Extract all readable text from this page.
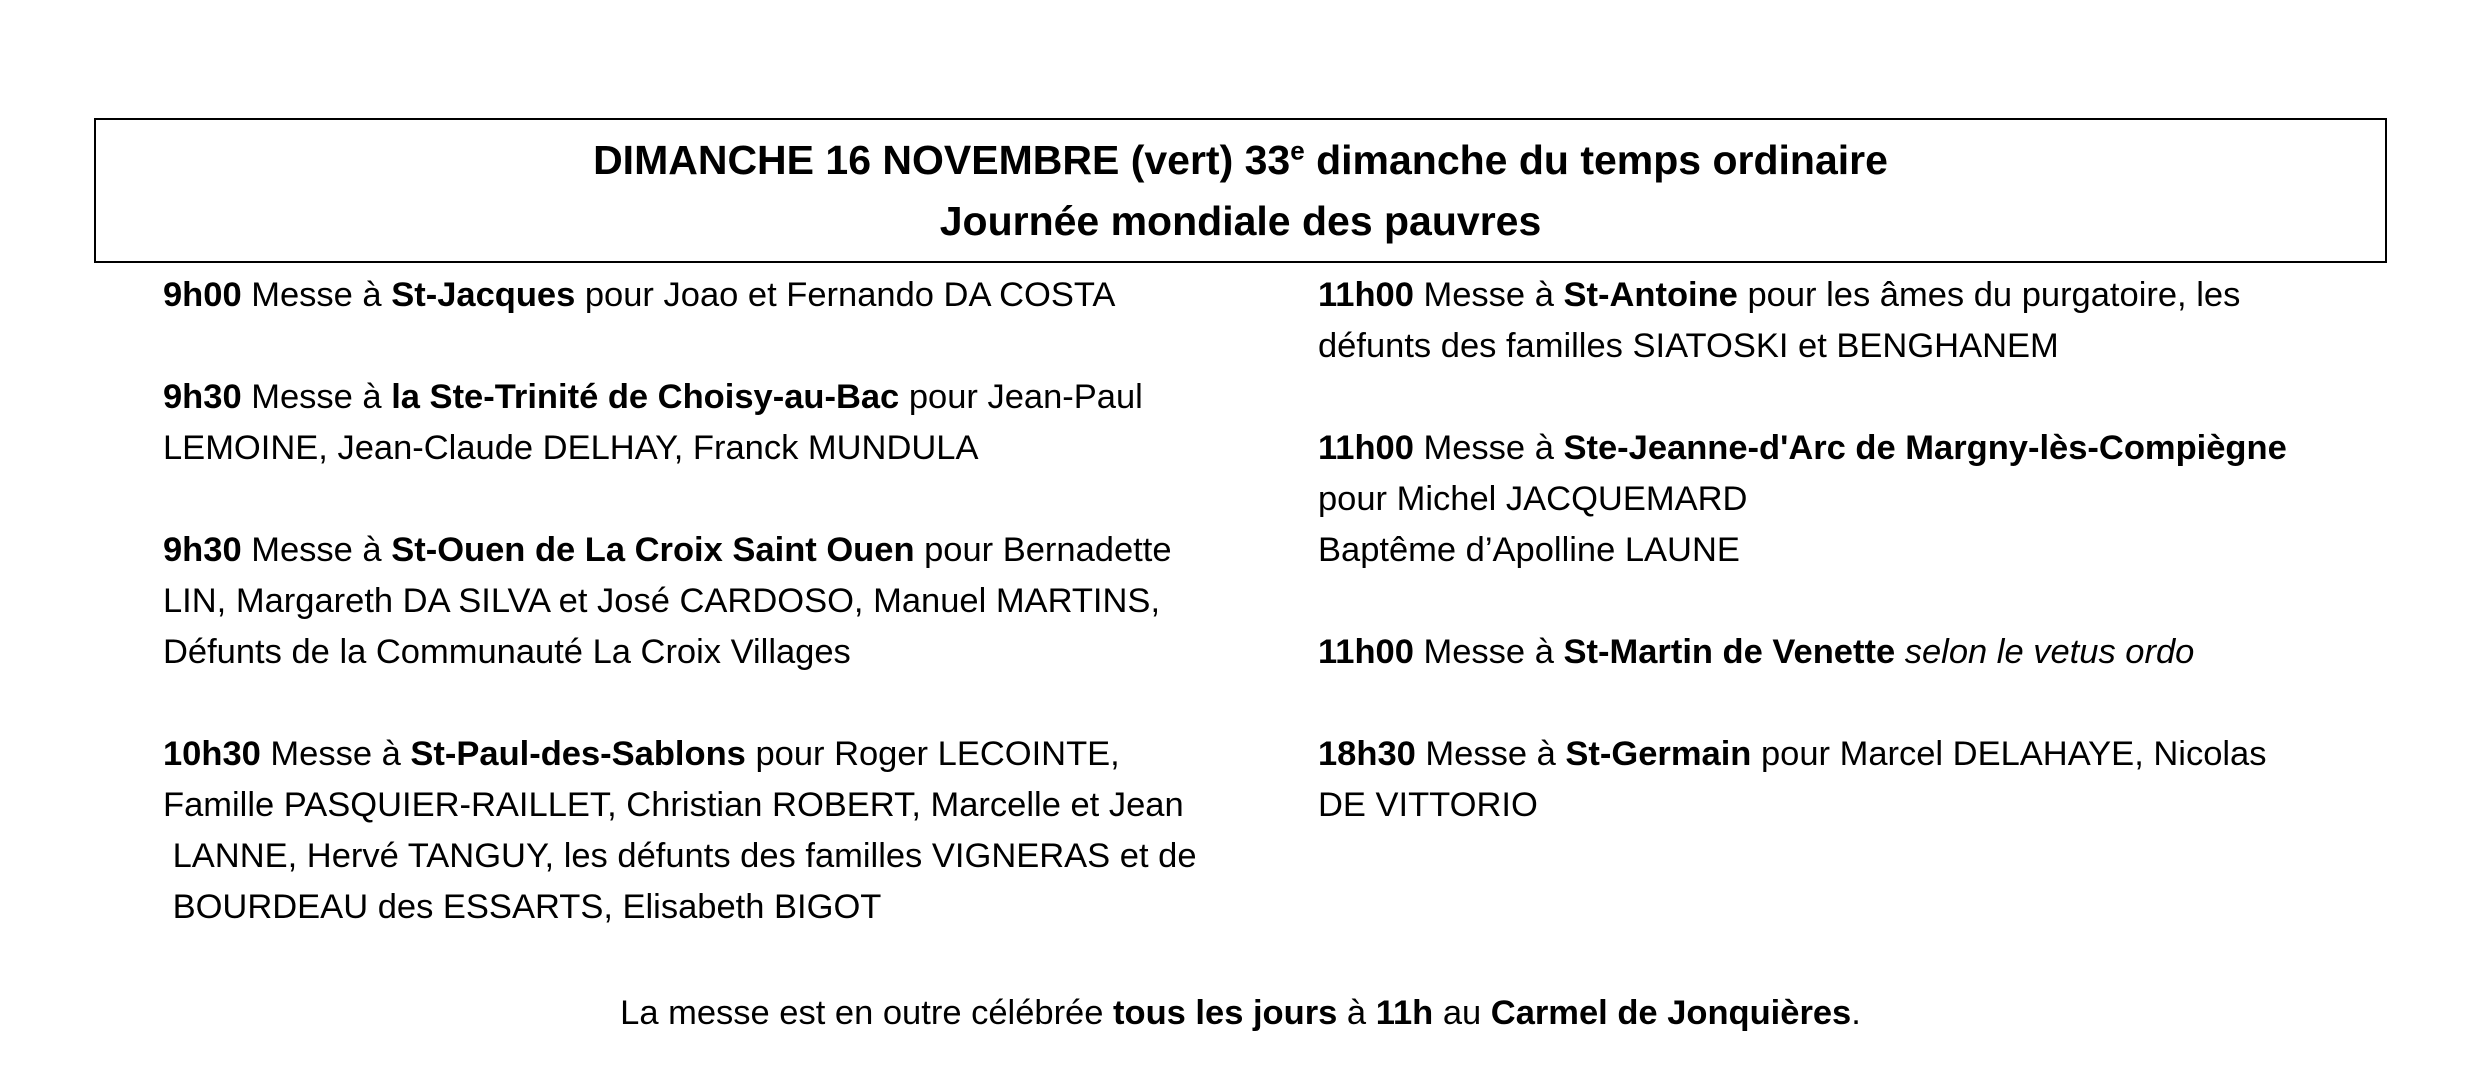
DIMANCHE 16 NOVEMBRE (vert) 33e dimanche du temps ordinaire
Journée mondiale des pauvres
9h00 Messe à St-Jacques pour Joao et Fernando DA COSTA
9h30 Messe à la Ste-Trinité de Choisy-au-Bac pour Jean-Paul
LEMOINE, Jean-Claude DELHAY, Franck MUNDULA
9h30 Messe à St-Ouen de La Croix Saint Ouen pour Bernadette
LIN, Margareth DA SILVA et José CARDOSO, Manuel MARTINS,
Défunts de la Communauté La Croix Villages
10h30 Messe à St-Paul-des-Sablons pour Roger LECOINTE,
Famille PASQUIER-RAILLET, Christian ROBERT, Marcelle et Jean
LANNE, Hervé TANGUY, les défunts des familles VIGNERAS et de
BOURDEAU des ESSARTS, Elisabeth BIGOT
11h00 Messe à St-Antoine pour les âmes du purgatoire, les
défunts des familles SIATOSKI et BENGHANEM
11h00 Messe à Ste-Jeanne-d'Arc de Margny-lès-Compiègne
pour Michel JACQUEMARD
Baptême d’Apolline LAUNE
11h00 Messe à St-Martin de Venette selon le vetus ordo
18h30 Messe à St-Germain pour Marcel DELAHAYE, Nicolas
DE VITTORIO
La messe est en outre célébrée tous les jours à 11h au Carmel de Jonquières.
